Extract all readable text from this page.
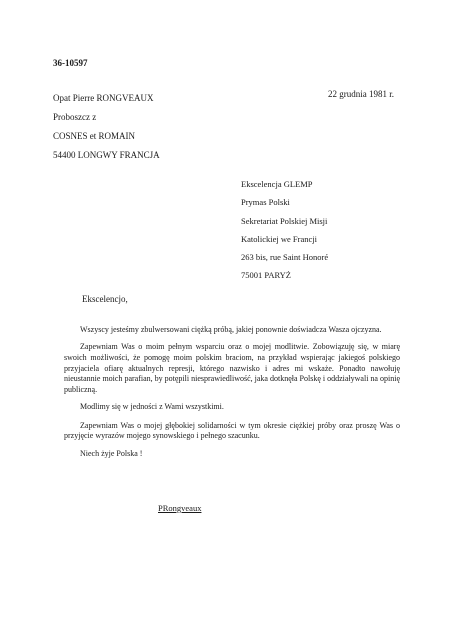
36-10597
Opat Pierre RONGVEAUX
Proboszcz z
COSNES et ROMAIN
54400 LONGWY FRANCJA
22 grudnia 1981 r.
Ekscelencja GLEMP
Prymas Polski
Sekretariat Polskiej Misji
Katolickiej we Francji
263 bis, rue Saint Honoré
75001 PARYŻ
Ekscelencjo,

Wszyscy jesteśmy zbulwersowani ciężką próbą, jakiej ponownie doświadcza Wasza ojczyzna.

Zapewniam Was o moim pełnym wsparciu oraz o mojej modlitwie. Zobowiązuję się, w miarę swoich możliwości, że pomogę moim polskim braciom, na przykład wspierając jakiegoś polskiego przyjaciela ofiarę aktualnych represji, którego nazwisko i adres mi wskaże. Ponadto nawołuję nieustannie moich parafian, by potępili niesprawiedliwość, jaka dotknęła Polskę i oddziaływali na opinię publiczną.

Modlimy się w jedności z Wami wszystkimi.

Zapewniam Was o mojej głębokiej solidarności w tym okresie ciężkiej próby oraz proszę Was o przyjęcie wyrazów mojego synowskiego i pełnego szacunku.

Niech żyje Polska !

PRongveaux
